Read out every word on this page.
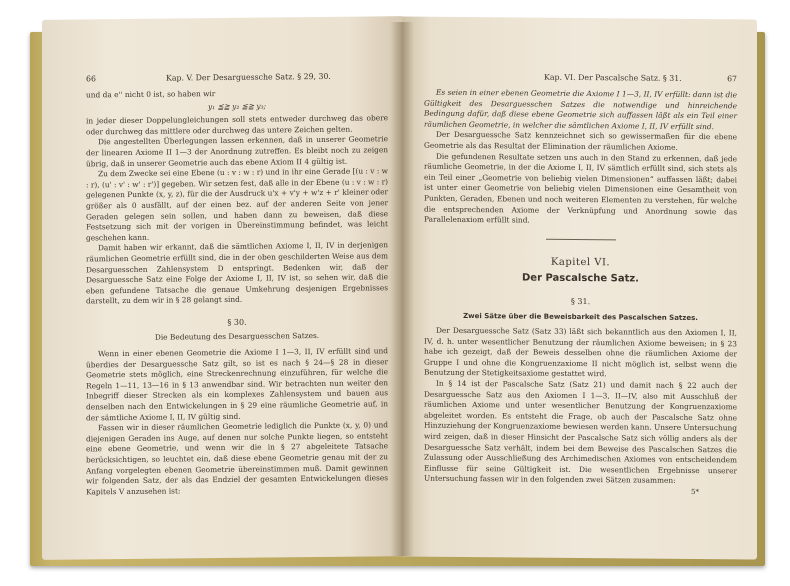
66	Kap. V. Der Desarguessche Satz. § 29, 30.

und da e'' nicht 0 ist, so haben wir

y₁ ≦≧ y₂ ≦≧ y₃;

in jeder dieser Doppelungleichungen soll stets entweder durchweg das obere oder durchweg das mittlere oder durchweg das untere Zeichen gelten.

Die angestellten Überlegungen lassen erkennen, daß in unserer Geometrie der linearen Axiome II 1—3 der Anordnung zutreffen. Es bleibt noch zu zeigen übrig, daß in unserer Geometrie auch das ebene Axiom II 4 gültig ist.

Zu dem Zwecke sei eine Ebene (u : v : w : r) und in ihr eine Gerade [(u : v : w : r), (u' : v' : w' : r')] gegeben. Wir setzen fest, daß alle in der Ebene (u : v : w : r) gelegenen Punkte (x, y, z), für die der Ausdruck u'x + v'y + w'z + r' kleiner oder größer als 0 ausfällt, auf der einen bez. auf der anderen Seite von jener Geraden gelegen sein sollen, und haben dann zu beweisen, daß diese Festsetzung sich mit der vorigen in Übereinstimmung befindet, was leicht geschehen kann.

Damit haben wir erkannt, daß die sämtlichen Axiome I, II, IV in derjenigen räumlichen Geometrie erfüllt sind, die in der oben geschilderten Weise aus dem Desarguesschen Zahlensystem D entspringt. Bedenken wir, daß der Desarguessche Satz eine Folge der Axiome I, II, IV ist, so sehen wir, daß die eben gefundene Tatsache die genaue Umkehrung desjenigen Ergebnisses darstellt, zu dem wir in § 28 gelangt sind.

§ 30.
Die Bedeutung des Desarguesschen Satzes.

Wenn in einer ebenen Geometrie die Axiome I 1—3, II, IV erfüllt sind und überdies der Desarguessche Satz gilt, so ist es nach § 24—§ 28 in dieser Geometrie stets möglich, eine Streckenrechnung einzuführen, für welche die Regeln 1—11, 13—16 in § 13 anwendbar sind. Wir betrachten nun weiter den Inbegriff dieser Strecken als ein komplexes Zahlensystem und bauen aus denselben nach den Entwickelungen in § 29 eine räumliche Geometrie auf, in der sämtliche Axiome I, II, IV gültig sind.

Fassen wir in dieser räumlichen Geometrie lediglich die Punkte (x, y, 0) und diejenigen Geraden ins Auge, auf denen nur solche Punkte liegen, so entsteht eine ebene Geometrie, und wenn wir die in § 27 abgeleitete Tatsache berücksichtigen, so leuchtet ein, daß diese ebene Geometrie genau mit der zu Anfang vorgelegten ebenen Geometrie übereinstimmen muß. Damit gewinnen wir folgenden Satz, der als das Endziel der gesamten Entwickelungen dieses Kapitels V anzusehen ist:

Kap. VI. Der Pascalsche Satz. § 31.	67

Es seien in einer ebenen Geometrie die Axiome I 1—3, II, IV erfüllt: dann ist die Gültigkeit des Desarguesschen Satzes die notwendige und hinreichende Bedingung dafür, daß diese ebene Geometrie sich auffassen läßt als ein Teil einer räumlichen Geometrie, in welcher die sämtlichen Axiome I, II, IV erfüllt sind.

Der Desarguessche Satz kennzeichnet sich so gewissermaßen für die ebene Geometrie als das Resultat der Elimination der räumlichen Axiome.

Die gefundenen Resultate setzen uns auch in den Stand zu erkennen, daß jede räumliche Geometrie, in der die Axiome I, II, IV sämtlich erfüllt sind, sich stets als ein Teil einer „Geometrie von beliebig vielen Dimensionen“ auffassen läßt; dabei ist unter einer Geometrie von beliebig vielen Dimensionen eine Gesamtheit von Punkten, Geraden, Ebenen und noch weiteren Elementen zu verstehen, für welche die entsprechenden Axiome der Verknüpfung und Anordnung sowie das Parallelenaxiom erfüllt sind.

Kapitel VI.
Der Pascalsche Satz.
§ 31.
Zwei Sätze über die Beweisbarkeit des Pascalschen Satzes.

Der Desarguessche Satz (Satz 33) läßt sich bekanntlich aus den Axiomen I, II, IV, d. h. unter wesentlicher Benutzung der räumlichen Axiome beweisen; in § 23 habe ich gezeigt, daß der Beweis desselben ohne die räumlichen Axiome der Gruppe I und ohne die Kongruenzaxiome II nicht möglich ist, selbst wenn die Benutzung der Stetigkeitsaxiome gestattet wird.

In § 14 ist der Pascalsche Satz (Satz 21) und damit nach § 22 auch der Desarguessche Satz aus den Axiomen I 1—3, II—IV, also mit Ausschluß der räumlichen Axiome und unter wesentlicher Benutzung der Kongruenzaxiome abgeleitet worden. Es entsteht die Frage, ob auch der Pascalsche Satz ohne Hinzuziehung der Kongruenzaxiome bewiesen werden kann. Unsere Untersuchung wird zeigen, daß in dieser Hinsicht der Pascalsche Satz sich völlig anders als der Desarguessche Satz verhält, indem bei dem Beweise des Pascalschen Satzes die Zulassung oder Ausschließung des Archimedischen Axiomes von entscheidendem Einflusse für seine Gültigkeit ist. Die wesentlichen Ergebnisse unserer Untersuchung fassen wir in den folgenden zwei Sätzen zusammen:

5*
